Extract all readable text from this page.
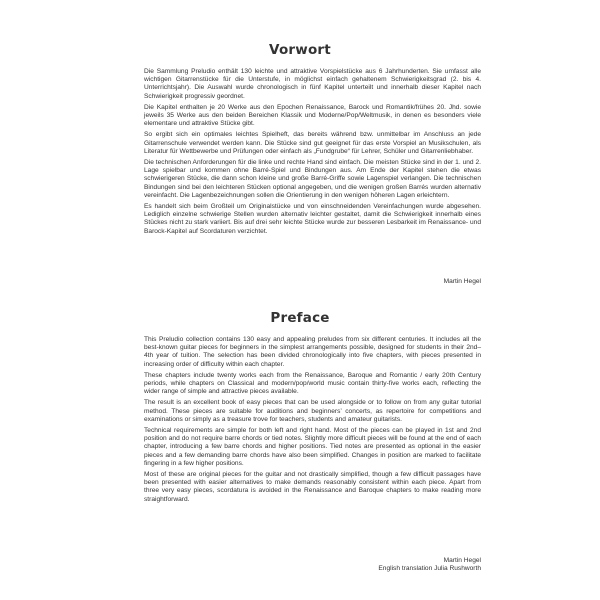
Vorwort

Die Sammlung Preludio enthält 130 leichte und attraktive Vorspielstücke aus 6 Jahrhunderten. Sie umfasst alle wichtigen Gitarrenstücke für die Unterstufe, in möglichst einfach gehaltenem Schwierigkeitsgrad (2. bis 4. Unterrichtsjahr). Die Auswahl wurde chronologisch in fünf Kapitel unterteilt und innerhalb dieser Kapitel nach Schwierigkeit progressiv geordnet.

Die Kapitel enthalten je 20 Werke aus den Epochen Renaissance, Barock und Romantik/frühes 20. Jhd. sowie jeweils 35 Werke aus den beiden Bereichen Klassik und Moderne/Pop/Weltmusik, in denen es besonders viele elementare und attraktive Stücke gibt.

So ergibt sich ein optimales leichtes Spielheft, das bereits während bzw. unmittelbar im Anschluss an jede Gitarrenschule verwendet werden kann. Die Stücke sind gut geeignet für das erste Vorspiel an Musikschulen, als Literatur für Wettbewerbe und Prüfungen oder einfach als „Fundgrube“ für Lehrer, Schüler und Gitarrenliebhaber.

Die technischen Anforderungen für die linke und rechte Hand sind einfach. Die meisten Stücke sind in der 1. und 2. Lage spielbar und kommen ohne Barré-Spiel und Bindungen aus. Am Ende der Kapitel stehen die etwas schwierigeren Stücke, die dann schon kleine und große Barré-Griffe sowie Lagenspiel verlangen. Die technischen Bindungen sind bei den leichteren Stücken optional angegeben, und die wenigen großen Barrés wurden alternativ vereinfacht. Die Lagenbezeichnungen sollen die Orientierung in den wenigen höheren Lagen erleichtern.

Es handelt sich beim Großteil um Originalstücke und von einschneidenden Vereinfachungen wurde abgesehen. Lediglich einzelne schwierige Stellen wurden alternativ leichter gestaltet, damit die Schwierigkeit innerhalb eines Stückes nicht zu stark variiert. Bis auf drei sehr leichte Stücke wurde zur besseren Lesbarkeit im Renaissance- und Barock-Kapitel auf Scordaturen verzichtet.

Martin Hegel

Preface

This Preludio collection contains 130 easy and appealing preludes from six different centuries. It includes all the best-known guitar pieces for beginners in the simplest arrangements possible, designed for students in their 2nd–4th year of tuition. The selection has been divided chronologically into five chapters, with pieces presented in increasing order of difficulty within each chapter.

These chapters include twenty works each from the Renaissance, Baroque and Romantic / early 20th Century periods, while chapters on Classical and modern/pop/world music contain thirty-five works each, reflecting the wider range of simple and attractive pieces available.

The result is an excellent book of easy pieces that can be used alongside or to follow on from any guitar tutorial method. These pieces are suitable for auditions and beginners’ concerts, as repertoire for competitions and examinations or simply as a treasure trove for teachers, students and amateur guitarists.

Technical requirements are simple for both left and right hand. Most of the pieces can be played in 1st and 2nd position and do not require barre chords or tied notes. Slightly more difficult pieces will be found at the end of each chapter, introducing a few barre chords and higher positions. Tied notes are presented as optional in the easier pieces and a few demanding barre chords have also been simplified. Changes in position are marked to facilitate fingering in a few higher positions.

Most of these are original pieces for the guitar and not drastically simplified, though a few difficult passages have been presented with easier alternatives to make demands reasonably consistent within each piece. Apart from three very easy pieces, scordatura is avoided in the Renaissance and Baroque chapters to make reading more straightforward.

Martin Hegel

English translation Julia Rushworth
